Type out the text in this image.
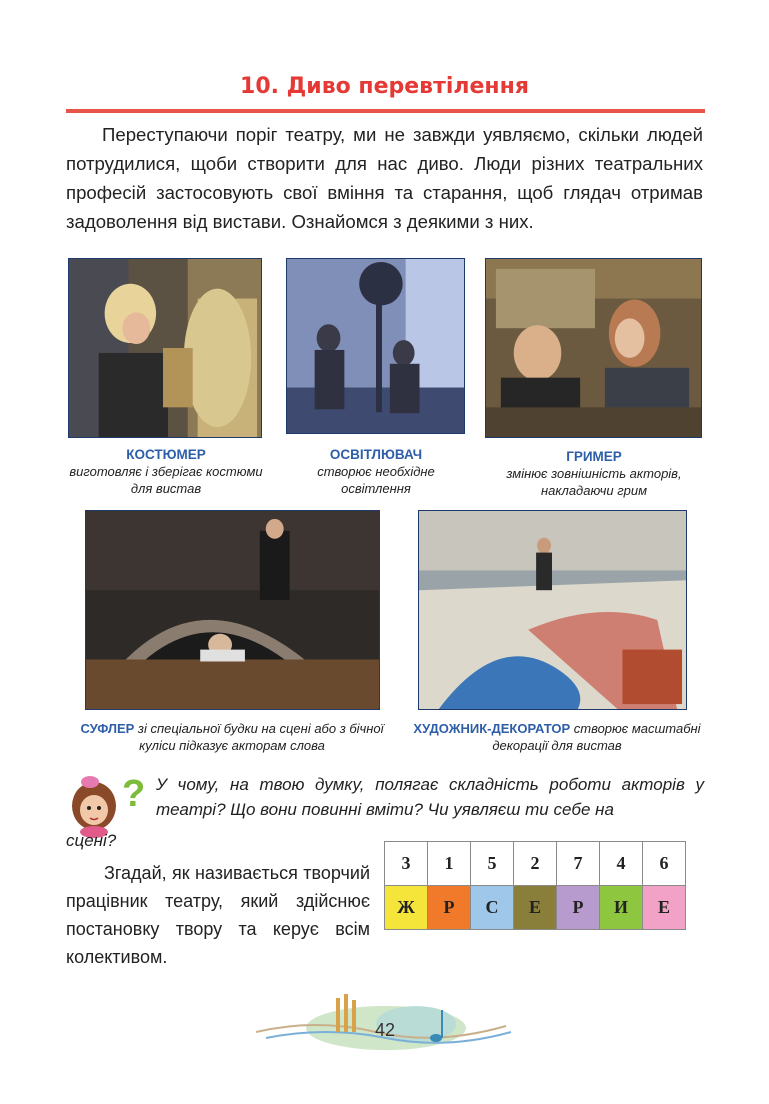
10. Диво перевтілення

Переступаючи поріг театру, ми не завжди уявляємо, скільки людей потрудилися, щоби створити для нас диво. Люди різних театральних професій застосовують свої вміння та старання, щоб глядач отримав задоволення від вистави. Ознайомся з деякими з них.

КОСТЮМЕР
виготовляє і зберігає костюми для вистав
ОСВІТЛЮВАЧ
створює необхідне освітлення
ГРИМЕР
змінює зовнішність акторів, накладаючи грим
СУФЛЕР зі спеціальної будки на сцені або з бічної куліси підказує акторам слова
ХУДОЖНИК-ДЕКОРАТОР створює масштабні декорації для вистав
? У чому, на твою думку, полягає складність роботи акторів у театрі? Що вони повинні вміти? Чи уявляєш ти себе на

сцені?

Згадай, як називається творчий працівник театру, який здійснює постановку твору та керує всім колективом.

3	1	5	2	7	4	6
Ж	Р	С	Е	Р	И	Е
42
